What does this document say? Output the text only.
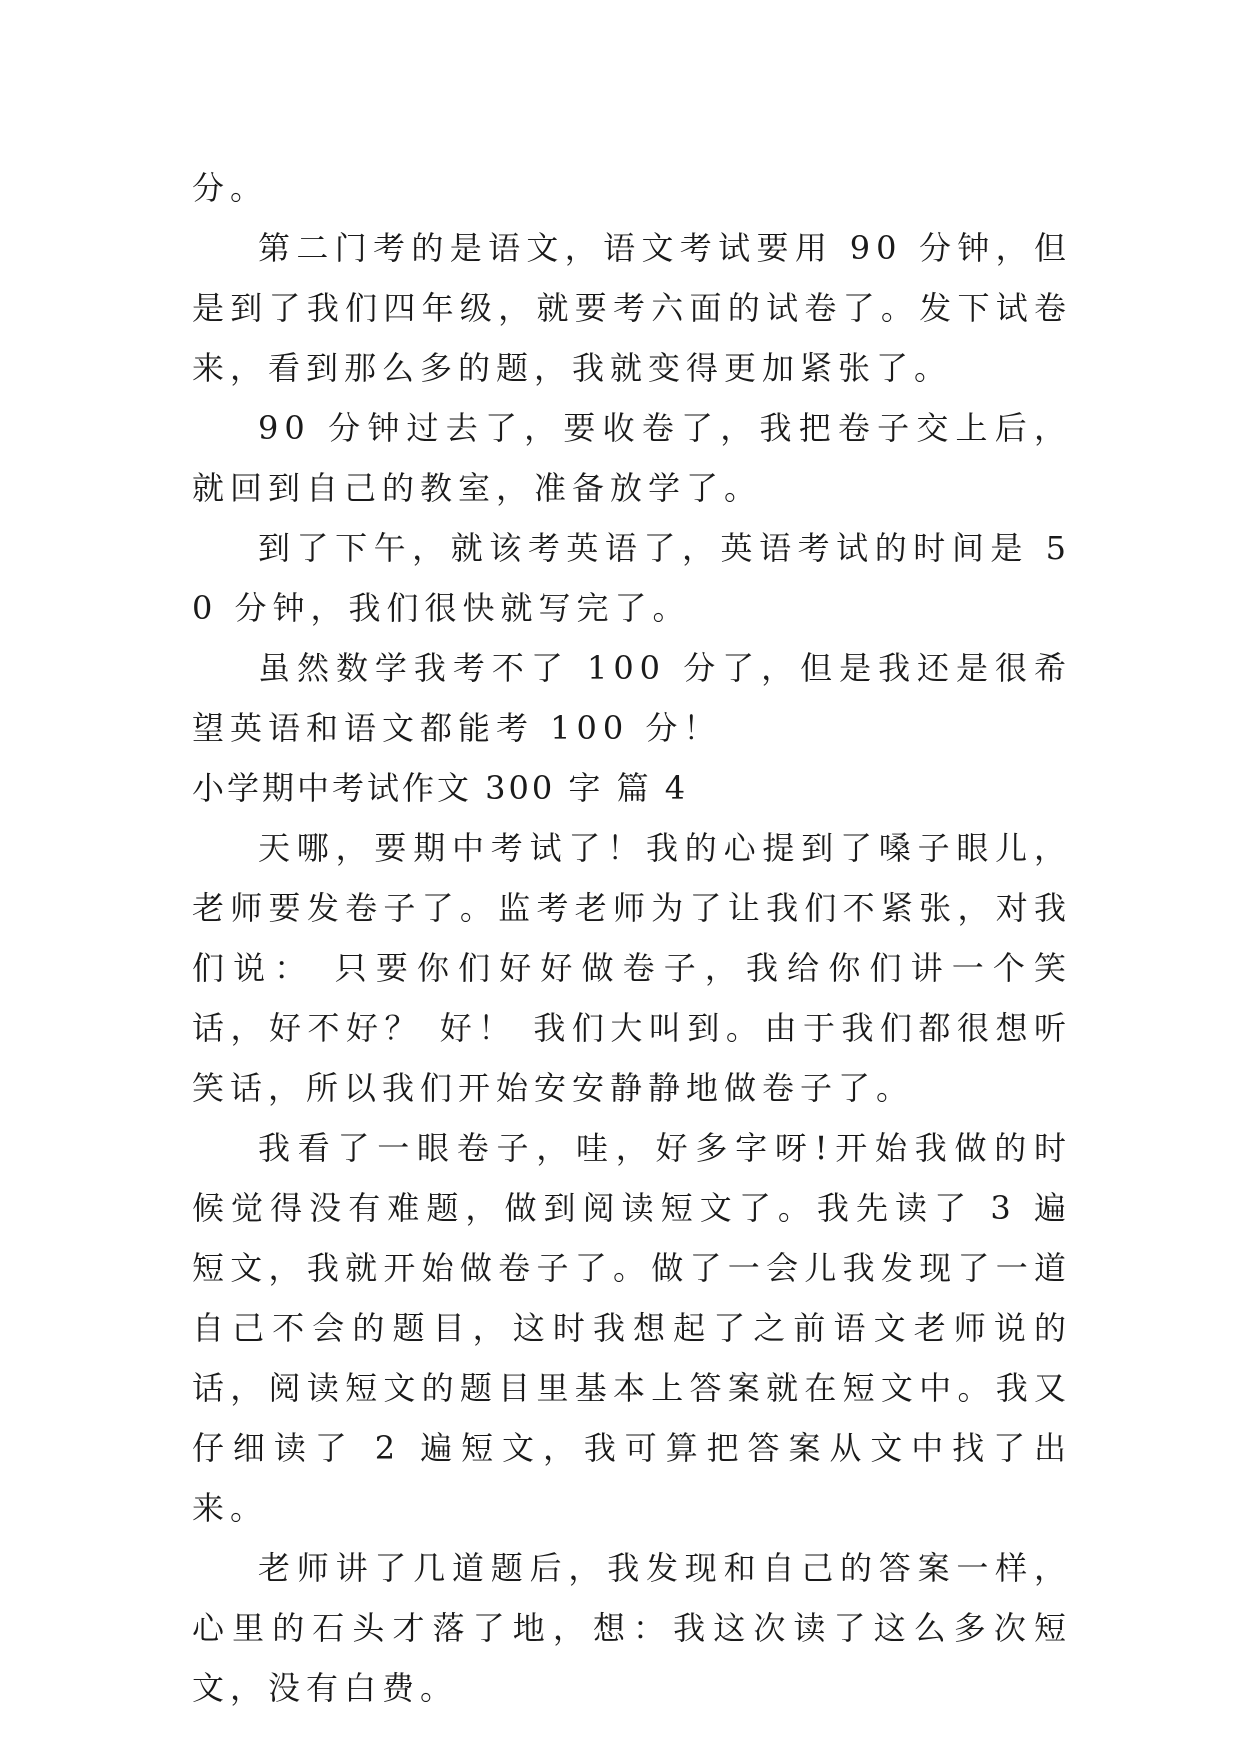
分。

第二门考的是语文，语文考试要用 90 分钟，但是到了我们四年级，就要考六面的试卷了。发下试卷来，看到那么多的题，我就变得更加紧张了。

90 分钟过去了，要收卷了，我把卷子交上后，就回到自己的教室，准备放学了。

到了下午，就该考英语了，英语考试的时间是 50 分钟，我们很快就写完了。

虽然数学我考不了 100 分了，但是我还是很希望英语和语文都能考 100 分！

小学期中考试作文 300 字 篇 4

天哪，要期中考试了！我的心提到了嗓子眼儿，老师要发卷子了。监考老师为了让我们不紧张，对我们说： 只要你们好好做卷子，我给你们讲一个笑话，好不好？ 好！ 我们大叫到。由于我们都很想听笑话，所以我们开始安安静静地做卷子了。

我看了一眼卷子，哇，好多字呀!开始我做的时候觉得没有难题，做到阅读短文了。我先读了 3 遍短文，我就开始做卷子了。做了一会儿我发现了一道自己不会的题目，这时我想起了之前语文老师说的话，阅读短文的题目里基本上答案就在短文中。我又仔细读了 2 遍短文，我可算把答案从文中找了出来。

老师讲了几道题后，我发现和自己的答案一样，心里的石头才落了地，想：我这次读了这么多次短文，没有白费。
